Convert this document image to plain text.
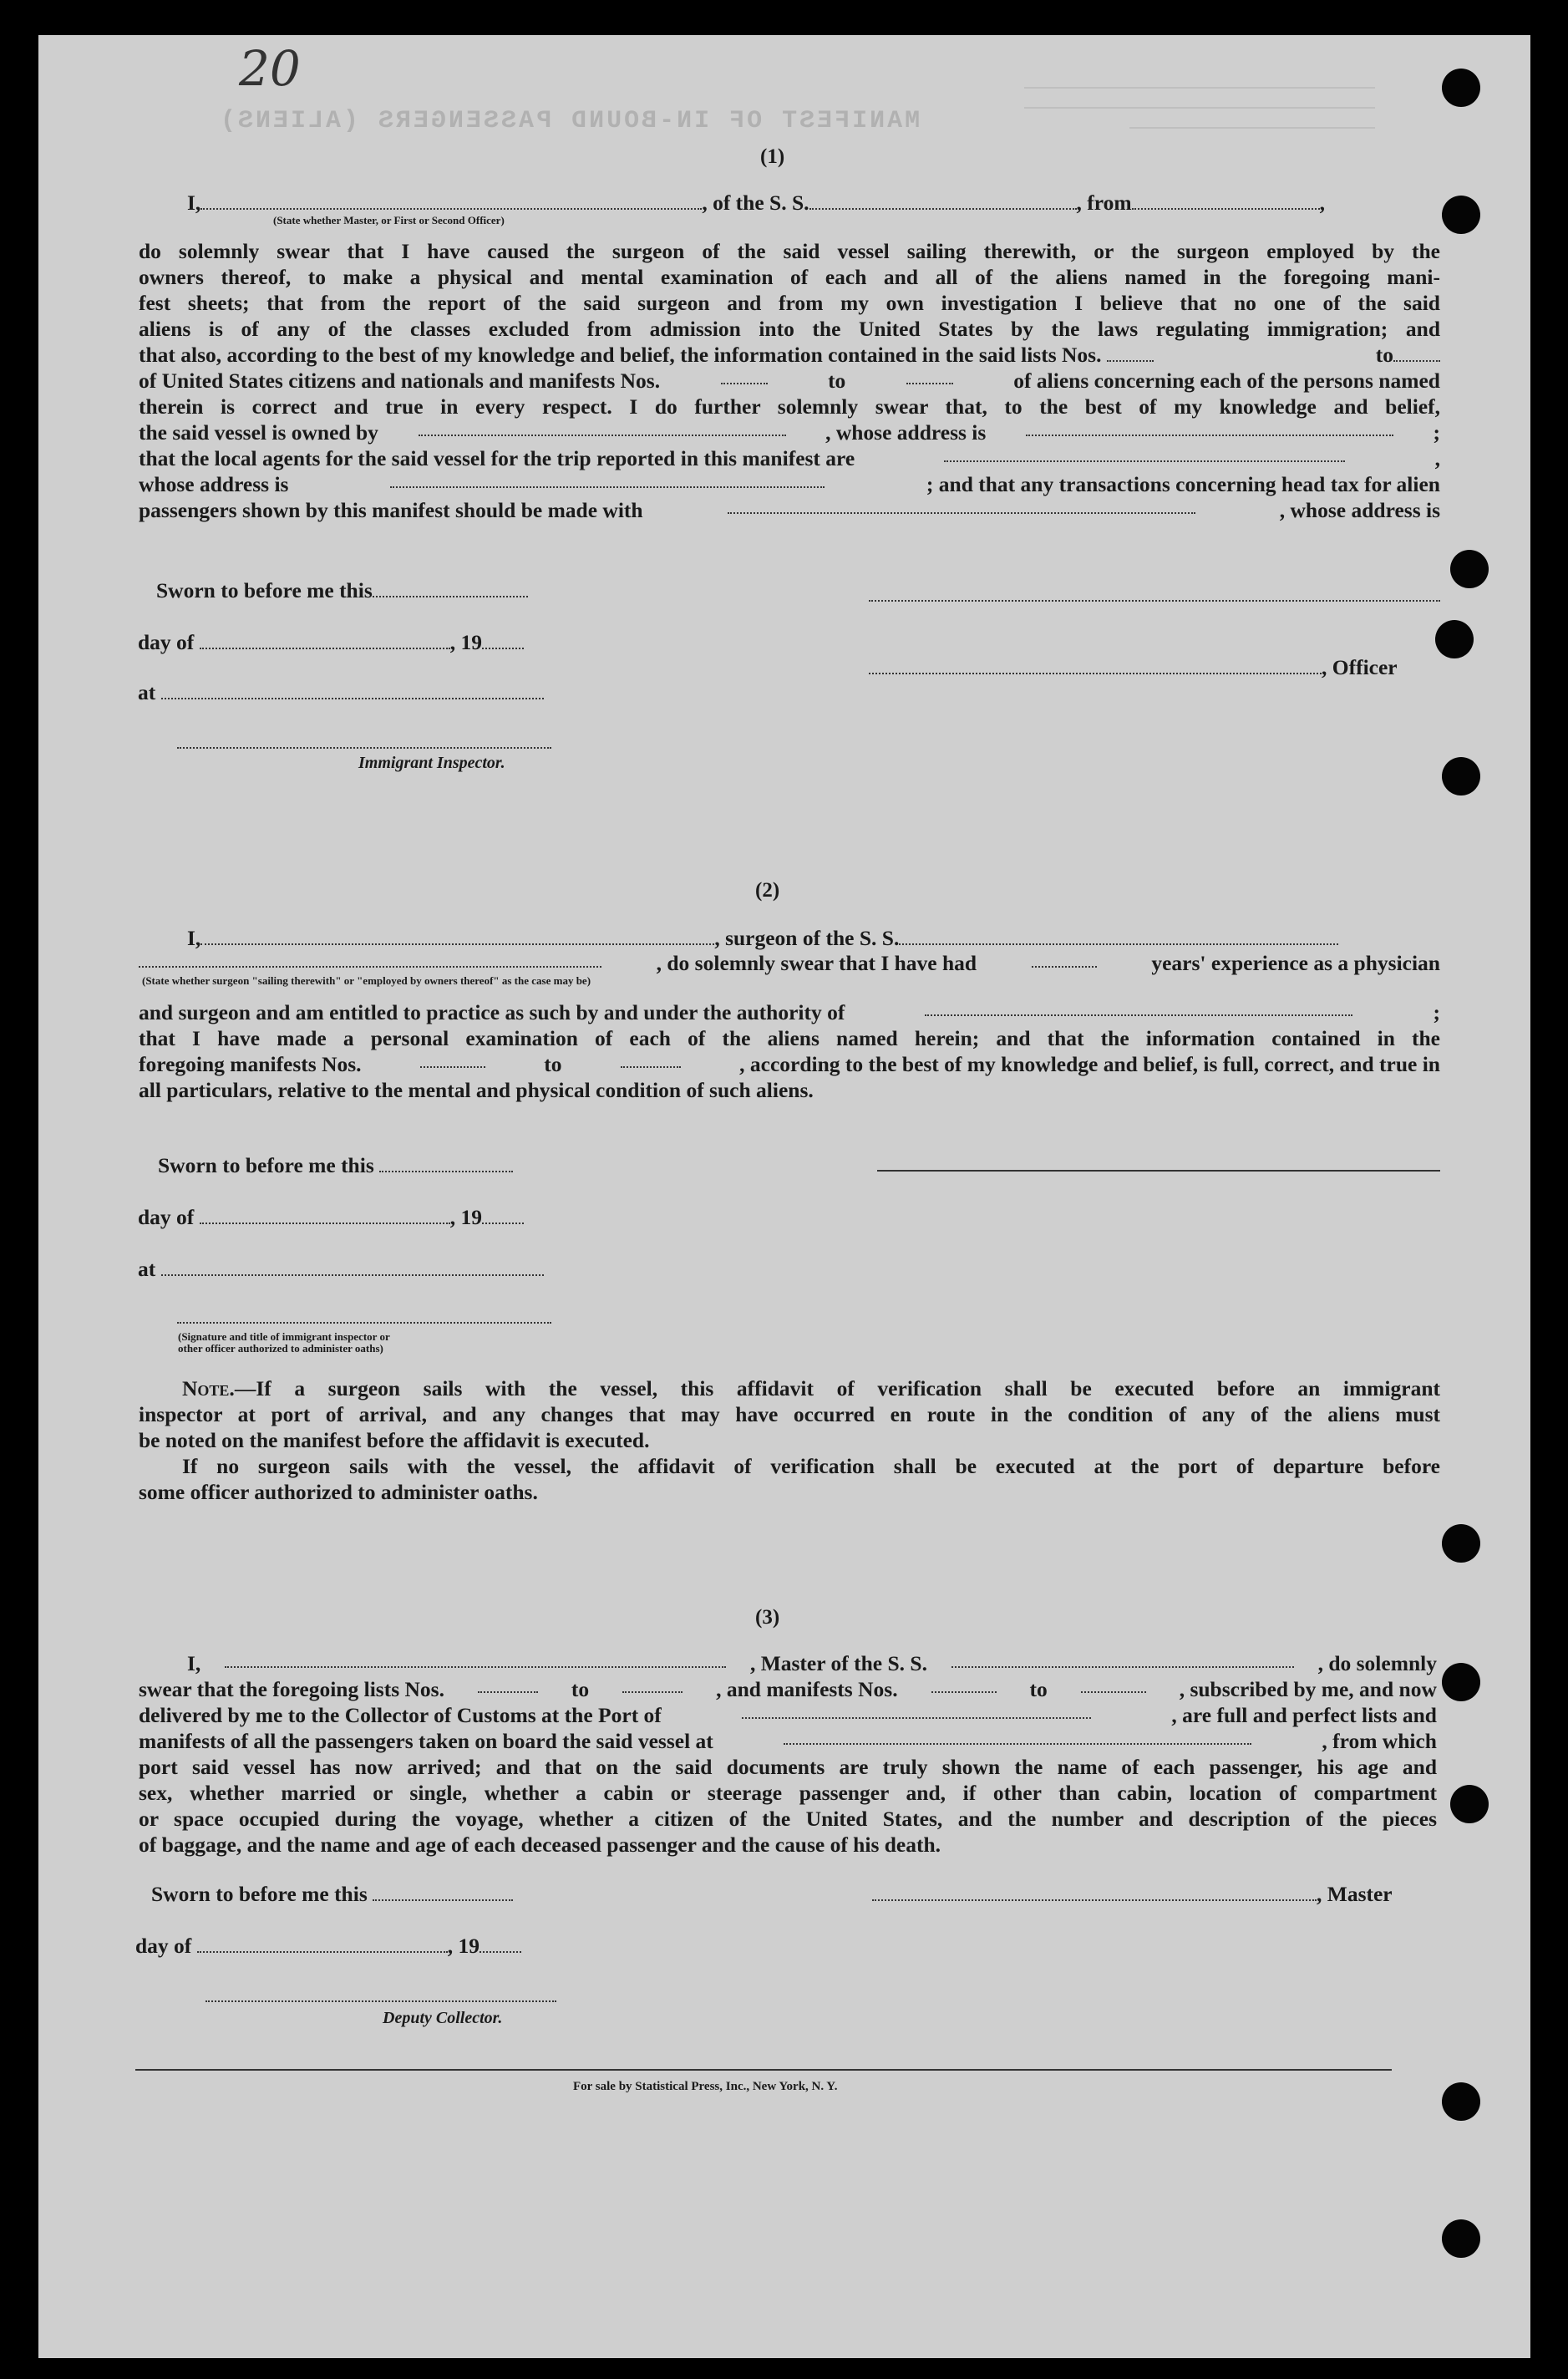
20
MANIFEST OF IN-BOUND PASSENGERS (ALIENS)
(1)
I,	, of the S. S.	, from	,
(State whether Master, or First or Second Officer)
do solemnly swear that I have caused the surgeon of the said vessel sailing therewith, or the surgeon employed by the
owners thereof, to make a physical and mental examination of each and all of the aliens named in the foregoing mani-
fest sheets; that from the report of the said surgeon and from my own investigation I believe that no one of the said
aliens is of any of the classes excluded from admission into the United States by the laws regulating immigration; and
that also, according to the best of my knowledge and belief, the information contained in the said lists Nos.	to
of United States citizens and nationals and manifests Nos.	to	of aliens concerning each of the persons named
therein is correct and true in every respect. I do further solemnly swear that, to the best of my knowledge and belief,
the said vessel is owned by	, whose address is	;
that the local agents for the said vessel for the trip reported in this manifest are	,
whose address is	; and that any transactions concerning head tax for alien
passengers shown by this manifest should be made with	, whose address is
Sworn to before me this
day of	, 19
, Officer
at
Immigrant Inspector.
(2)
I,	, surgeon of the S. S.
, do solemnly swear that I have had	years' experience as a physician
(State whether surgeon "sailing therewith" or "employed by owners thereof" as the case may be)
and surgeon and am entitled to practice as such by and under the authority of	;
that I have made a personal examination of each of the aliens named herein; and that the information contained in the
foregoing manifests Nos.	to	, according to the best of my knowledge and belief, is full, correct, and true in
all particulars, relative to the mental and physical condition of such aliens.
Sworn to before me this
day of	, 19
at
(Signature and title of immigrant inspector or
other officer authorized to administer oaths)
Note.—If a surgeon sails with the vessel, this affidavit of verification shall be executed before an immigrant
inspector at port of arrival, and any changes that may have occurred en route in the condition of any of the aliens must
be noted on the manifest before the affidavit is executed.
If no surgeon sails with the vessel, the affidavit of verification shall be executed at the port of departure before
some officer authorized to administer oaths.
(3)
I,	, Master of the S. S.	, do solemnly
swear that the foregoing lists Nos.	to	, and manifests Nos.	to	, subscribed by me, and now
delivered by me to the Collector of Customs at the Port of	, are full and perfect lists and
manifests of all the passengers taken on board the said vessel at	, from which
port said vessel has now arrived; and that on the said documents are truly shown the name of each passenger, his age and
sex, whether married or single, whether a cabin or steerage passenger and, if other than cabin, location of compartment
or space occupied during the voyage, whether a citizen of the United States, and the number and description of the pieces
of baggage, and the name and age of each deceased passenger and the cause of his death.
Sworn to before me this	, Master
day of	, 19
Deputy Collector.
For sale by Statistical Press, Inc., New York, N. Y.
